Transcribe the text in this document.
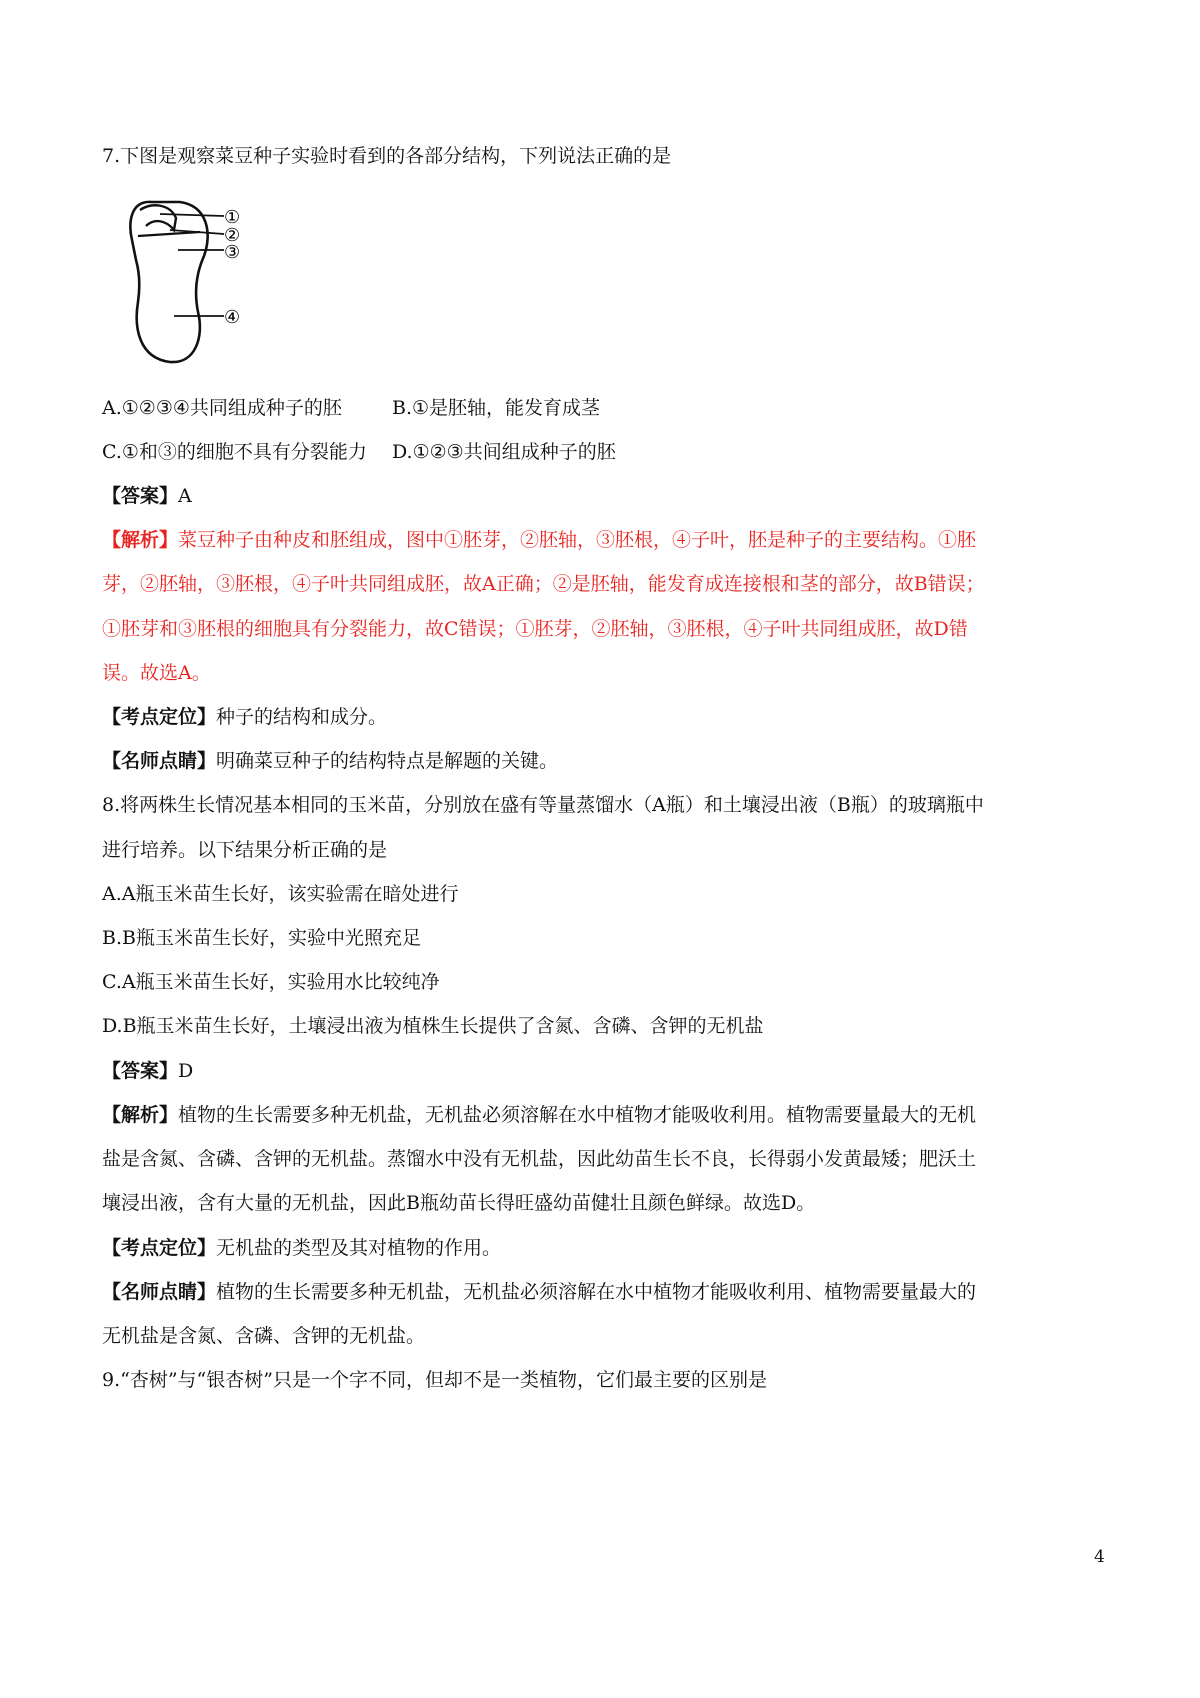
7.下图是观察菜豆种子实验时看到的各部分结构，下列说法正确的是
①
②
③
④
A.①②③④共同组成种子的胚	B.①是胚轴，能发育成茎
C.①和③的细胞不具有分裂能力 D.①②③共间组成种子的胚
【答案】A
【解析】菜豆种子由种皮和胚组成，图中①胚芽，②胚轴，③胚根，④子叶，胚是种子的主要结构。①胚
芽，②胚轴，③胚根，④子叶共同组成胚，故A正确；②是胚轴，能发育成连接根和茎的部分，故B错误；
①胚芽和③胚根的细胞具有分裂能力，故C错误；①胚芽，②胚轴，③胚根，④子叶共同组成胚，故D错
误。故选A。
【考点定位】种子的结构和成分。
【名师点睛】明确菜豆种子的结构特点是解题的关键。
8.将两株生长情况基本相同的玉米苗，分别放在盛有等量蒸馏水（A瓶）和土壤浸出液（B瓶）的玻璃瓶中
进行培养。以下结果分析正确的是
A.A瓶玉米苗生长好，该实验需在暗处进行
B.B瓶玉米苗生长好，实验中光照充足
C.A瓶玉米苗生长好，实验用水比较纯净
D.B瓶玉米苗生长好，土壤浸出液为植株生长提供了含氮、含磷、含钾的无机盐
【答案】D
【解析】植物的生长需要多种无机盐，无机盐必须溶解在水中植物才能吸收利用。植物需要量最大的无机
盐是含氮、含磷、含钾的无机盐。蒸馏水中没有无机盐，因此幼苗生长不良，长得弱小发黄最矮；肥沃土
壤浸出液，含有大量的无机盐，因此B瓶幼苗长得旺盛幼苗健壮且颜色鲜绿。故选D。
【考点定位】无机盐的类型及其对植物的作用。
【名师点睛】植物的生长需要多种无机盐，无机盐必须溶解在水中植物才能吸收利用、植物需要量最大的
无机盐是含氮、含磷、含钾的无机盐。
9.“杏树”与“银杏树”只是一个字不同，但却不是一类植物，它们最主要的区别是
4
